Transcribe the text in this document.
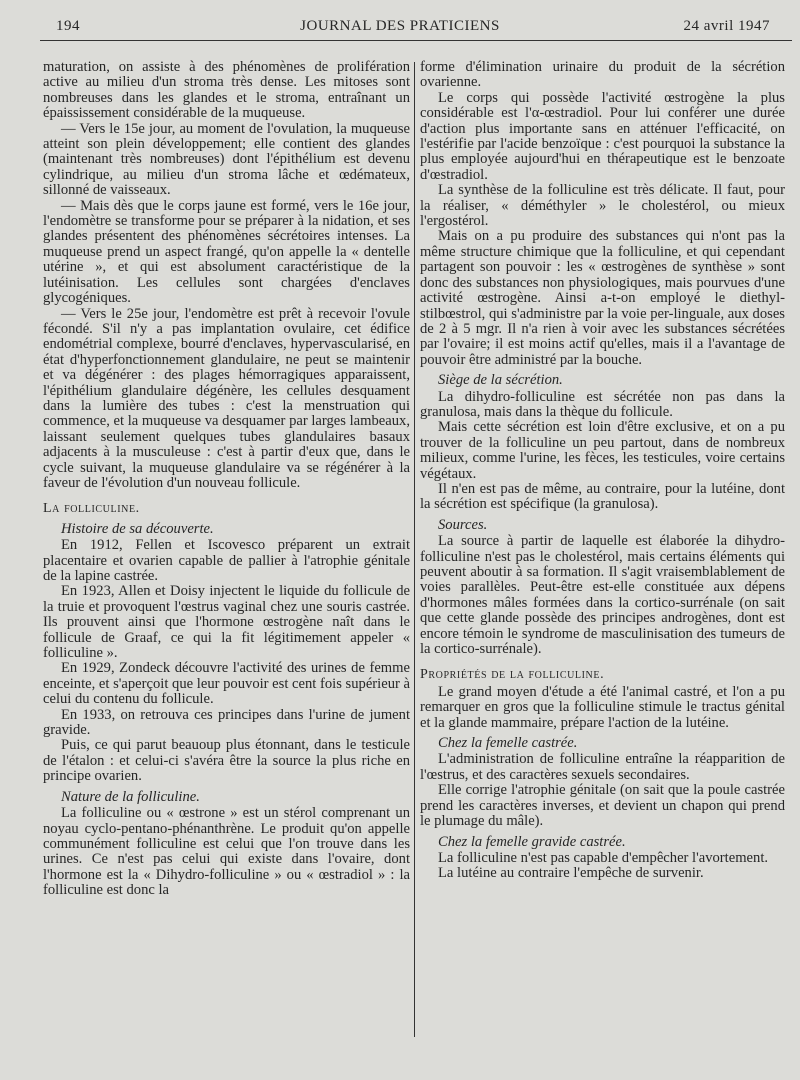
194	JOURNAL DES PRATICIENS	24 avril 1947

maturation, on assiste à des phénomènes de prolifération active au milieu d'un stroma très dense. Les mitoses sont nombreuses dans les glandes et le stroma, entraînant un épaississement considérable de la muqueuse.

— Vers le 15e jour, au moment de l'ovulation, la muqueuse atteint son plein développement; elle contient des glandes (maintenant très nombreuses) dont l'épithélium est devenu cylindrique, au milieu d'un stroma lâche et œdémateux, sillonné de vaisseaux.

— Mais dès que le corps jaune est formé, vers le 16e jour, l'endomètre se transforme pour se préparer à la nidation, et ses glandes présentent des phénomènes sécrétoires intenses. La muqueuse prend un aspect frangé, qu'on appelle la « dentelle utérine », et qui est absolument caractéristique de la lutéinisation. Les cellules sont chargées d'enclaves glycogéniques.

— Vers le 25e jour, l'endomètre est prêt à recevoir l'ovule fécondé. S'il n'y a pas implantation ovulaire, cet édifice endométrial complexe, bourré d'enclaves, hypervascularisé, en état d'hyperfonctionnement glandulaire, ne peut se maintenir et va dégénérer : des plages hémorragiques apparaissent, l'épithélium glandulaire dégénère, les cellules desquament dans la lumière des tubes : c'est la menstruation qui commence, et la muqueuse va desquamer par larges lambeaux, laissant seulement quelques tubes glandulaires basaux adjacents à la musculeuse : c'est à partir d'eux que, dans le cycle suivant, la muqueuse glandulaire va se régénérer à la faveur de l'évolution d'un nouveau follicule.

La folliculine.
Histoire de sa découverte.

En 1912, Fellen et Iscovesco préparent un extrait placentaire et ovarien capable de pallier à l'atrophie génitale de la lapine castrée.

En 1923, Allen et Doisy injectent le liquide du follicule de la truie et provoquent l'œstrus vaginal chez une souris castrée. Ils prouvent ainsi que l'hormone œstrogène naît dans le follicule de Graaf, ce qui la fit légitimement appeler « folliculine ».

En 1929, Zondeck découvre l'activité des urines de femme enceinte, et s'aperçoit que leur pouvoir est cent fois supérieur à celui du contenu du follicule.

En 1933, on retrouva ces principes dans l'urine de jument gravide.

Puis, ce qui parut beauoup plus étonnant, dans le testicule de l'étalon : et celui-ci s'avéra être la source la plus riche en principe ovarien.

Nature de la folliculine.

La folliculine ou « œstrone » est un stérol comprenant un noyau cyclo-pentano-phénanthrène. Le produit qu'on appelle communément folliculine est celui que l'on trouve dans les urines. Ce n'est pas celui qui existe dans l'ovaire, dont l'hormone est la « Dihydro-folliculine » ou « œstradiol » : la folliculine est donc la

forme d'élimination urinaire du produit de la sécrétion ovarienne.

Le corps qui possède l'activité œstrogène la plus considérable est l'α-œstradiol. Pour lui conférer une durée d'action plus importante sans en atténuer l'efficacité, on l'estérifie par l'acide benzoïque : c'est pourquoi la substance la plus employée aujourd'hui en thérapeutique est le benzoate d'œstradiol.

La synthèse de la folliculine est très délicate. Il faut, pour la réaliser, « déméthyler » le cholestérol, ou mieux l'ergostérol.

Mais on a pu produire des substances qui n'ont pas la même structure chimique que la folliculine, et qui cependant partagent son pouvoir : les « œstrogènes de synthèse » sont donc des substances non physiologiques, mais pourvues d'une activité œstrogène. Ainsi a-t-on employé le diethyl-stilbœstrol, qui s'administre par la voie per-linguale, aux doses de 2 à 5 mgr. Il n'a rien à voir avec les substances sécrétées par l'ovaire; il est moins actif qu'elles, mais il a l'avantage de pouvoir être administré par la bouche.

Siège de la sécrétion.

La dihydro-folliculine est sécrétée non pas dans la granulosa, mais dans la thèque du follicule.

Mais cette sécrétion est loin d'être exclusive, et on a pu trouver de la folliculine un peu partout, dans de nombreux milieux, comme l'urine, les fèces, les testicules, voire certains végétaux.

Il n'en est pas de même, au contraire, pour la lutéine, dont la sécrétion est spécifique (la granulosa).

Sources.

La source à partir de laquelle est élaborée la dihydro-folliculine n'est pas le cholestérol, mais certains éléments qui peuvent aboutir à sa formation. Il s'agit vraisemblablement de voies parallèles. Peut-être est-elle constituée aux dépens d'hormones mâles formées dans la cortico-surrénale (on sait que cette glande possède des principes androgènes, dont est encore témoin le syndrome de masculinisation des tumeurs de la cortico-surrénale).

Propriétés de la folliculine.

Le grand moyen d'étude a été l'animal castré, et l'on a pu remarquer en gros que la folliculine stimule le tractus génital et la glande mammaire, prépare l'action de la lutéine.

Chez la femelle castrée.

L'administration de folliculine entraîne la réapparition de l'œstrus, et des caractères sexuels secondaires.

Elle corrige l'atrophie génitale (on sait que la poule castrée prend les caractères inverses, et devient un chapon qui prend le plumage du mâle).

Chez la femelle gravide castrée.

La folliculine n'est pas capable d'empêcher l'avortement.

La lutéine au contraire l'empêche de survenir.
